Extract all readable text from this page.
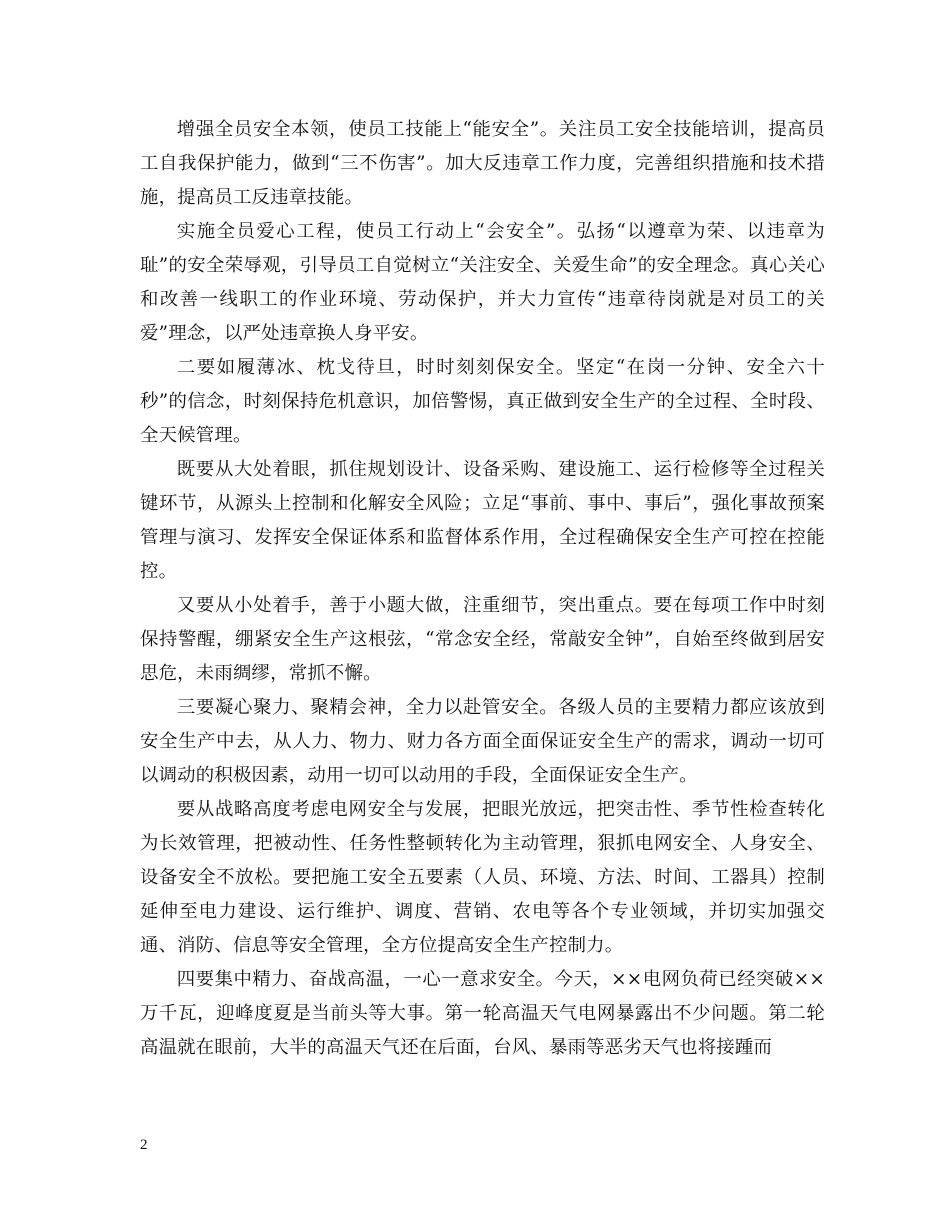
增强全员安全本领，使员工技能上“能安全”。关注员工安全技能培训，提高员工自我保护能力，做到“三不伤害”。加大反违章工作力度，完善组织措施和技术措施，提高员工反违章技能。

实施全员爱心工程，使员工行动上“会安全”。弘扬“以遵章为荣、以违章为耻”的安全荣辱观，引导员工自觉树立“关注安全、关爱生命”的安全理念。真心关心和改善一线职工的作业环境、劳动保护，并大力宣传“违章待岗就是对员工的关爱”理念，以严处违章换人身平安。

二要如履薄冰、枕戈待旦，时时刻刻保安全。坚定“在岗一分钟、安全六十秒”的信念，时刻保持危机意识，加倍警惕，真正做到安全生产的全过程、全时段、全天候管理。

既要从大处着眼，抓住规划设计、设备采购、建设施工、运行检修等全过程关键环节，从源头上控制和化解安全风险；立足“事前、事中、事后”，强化事故预案管理与演习、发挥安全保证体系和监督体系作用，全过程确保安全生产可控在控能控。

又要从小处着手，善于小题大做，注重细节，突出重点。要在每项工作中时刻保持警醒，绷紧安全生产这根弦，“常念安全经，常敲安全钟”，自始至终做到居安思危，未雨绸缪，常抓不懈。

三要凝心聚力、聚精会神，全力以赴管安全。各级人员的主要精力都应该放到安全生产中去，从人力、物力、财力各方面全面保证安全生产的需求，调动一切可以调动的积极因素，动用一切可以动用的手段，全面保证安全生产。

要从战略高度考虑电网安全与发展，把眼光放远，把突击性、季节性检查转化为长效管理，把被动性、任务性整顿转化为主动管理，狠抓电网安全、人身安全、设备安全不放松。要把施工安全五要素（人员、环境、方法、时间、工器具）控制延伸至电力建设、运行维护、调度、营销、农电等各个专业领域，并切实加强交通、消防、信息等安全管理，全方位提高安全生产控制力。

四要集中精力、奋战高温，一心一意求安全。今天，××电网负荷已经突破××万千瓦，迎峰度夏是当前头等大事。第一轮高温天气电网暴露出不少问题。第二轮高温就在眼前，大半的高温天气还在后面，台风、暴雨等恶劣天气也将接踵而

2
